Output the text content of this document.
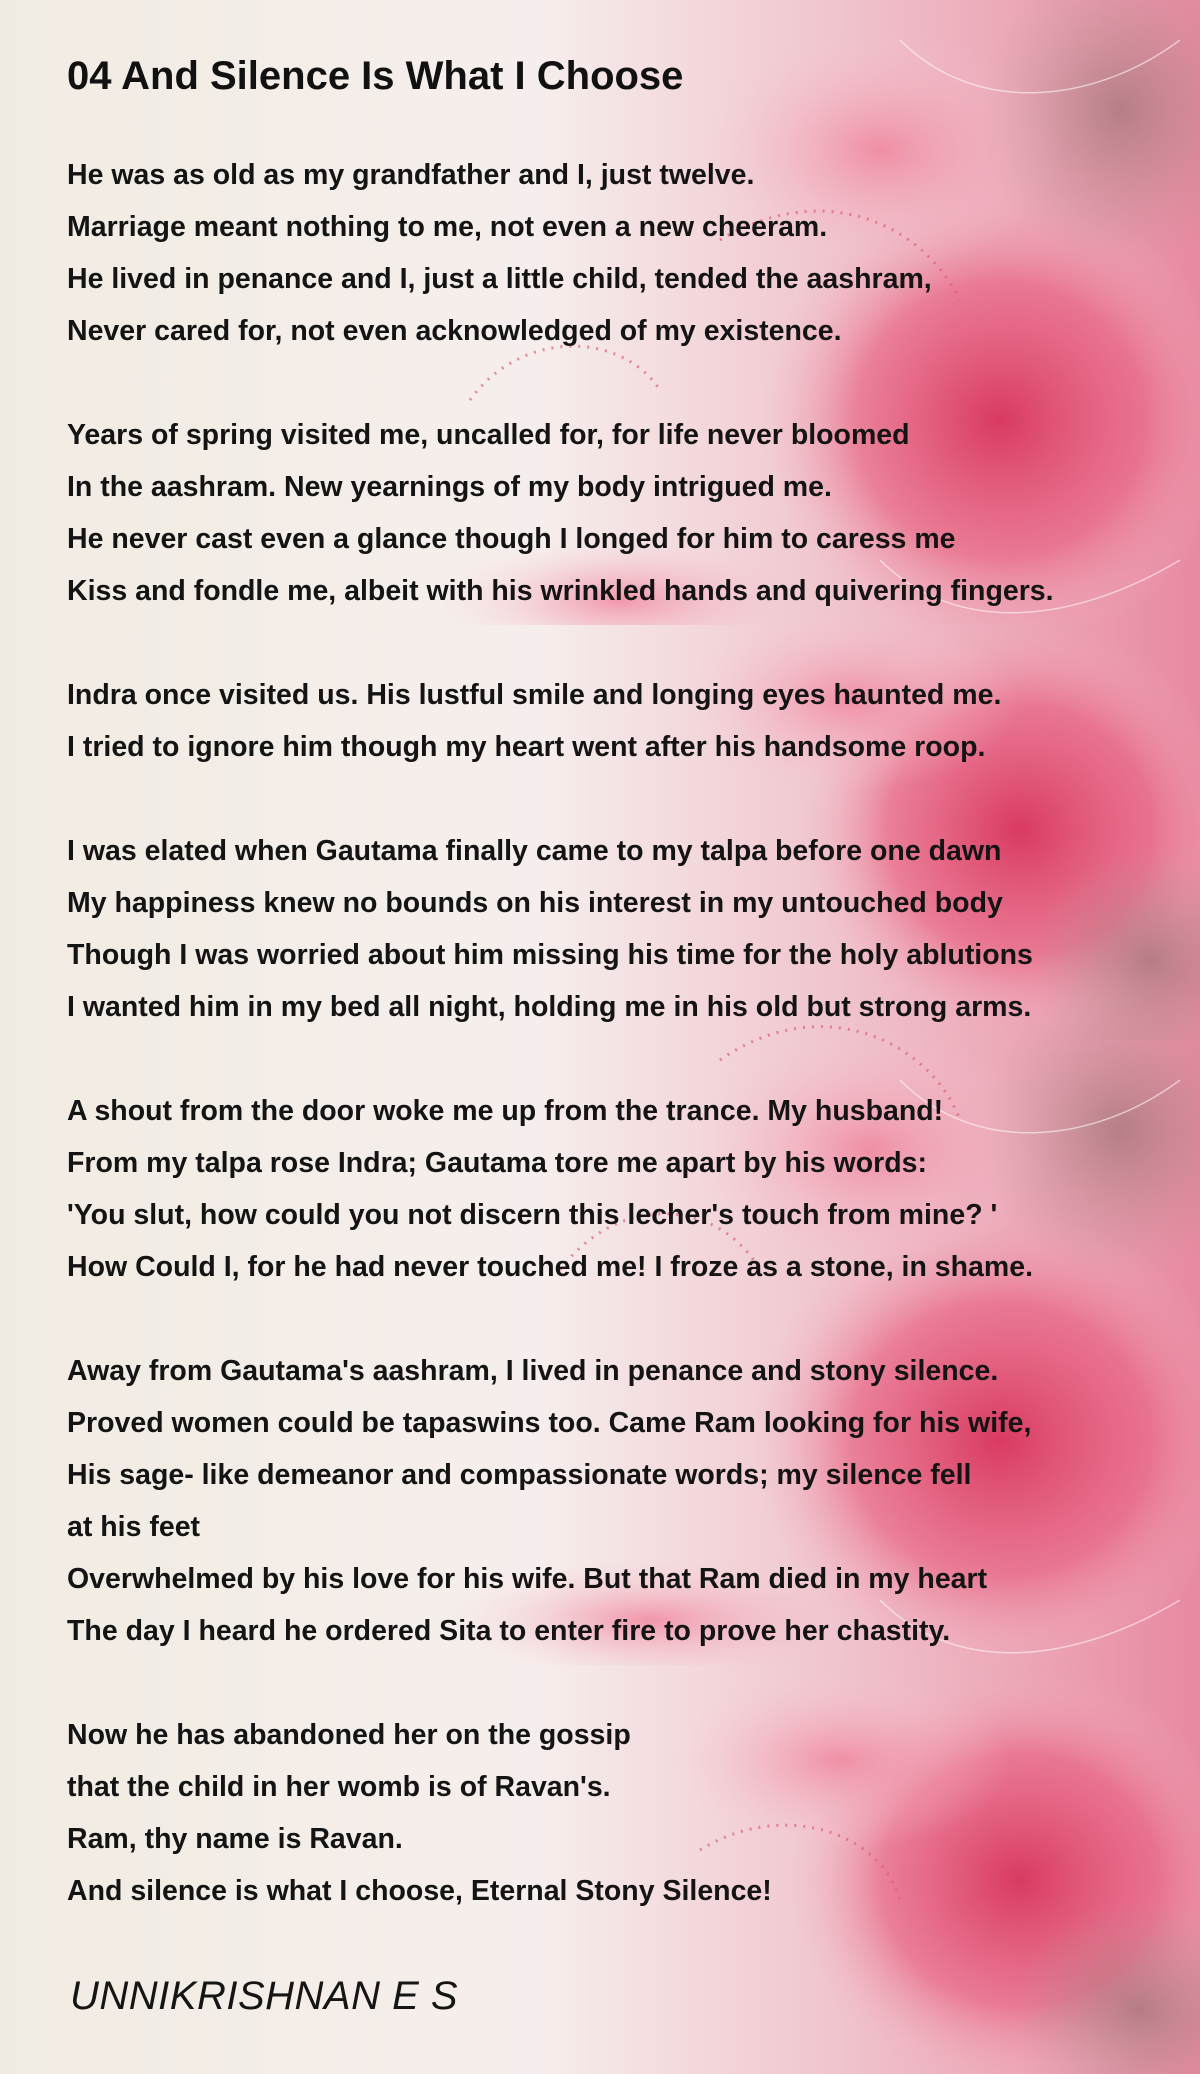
04 And Silence Is What I Choose
He was as old as my grandfather and I, just twelve.
Marriage meant nothing to me, not even a new cheeram.
He lived in penance and I, just a little child, tended the aashram,
Never cared for, not even acknowledged of my existence.
Years of spring visited me, uncalled for, for life never bloomed
In the aashram. New yearnings of my body intrigued me.
He never cast even a glance though I longed for him to caress me
Kiss and fondle me, albeit with his wrinkled hands and quivering fingers.
Indra once visited us. His lustful smile and longing eyes haunted me.
I tried to ignore him though my heart went after his handsome roop.
I was elated when Gautama finally came to my talpa before one dawn
My happiness knew no bounds on his interest in my untouched body
Though I was worried about him missing his time for the holy ablutions
I wanted him in my bed all night, holding me in his old but strong arms.
A shout from the door woke me up from the trance. My husband!
From my talpa rose Indra; Gautama tore me apart by his words:
'You slut, how could you not discern this lecher's touch from mine? '
How Could I, for he had never touched me! I froze as a stone, in shame.
Away from Gautama's aashram, I lived in penance and stony silence.
Proved women could be tapaswins too. Came Ram looking for his wife,
His sage- like demeanor and compassionate words; my silence fell
at his feet
Overwhelmed by his love for his wife. But that Ram died in my heart
The day I heard he ordered Sita to enter fire to prove her chastity.
Now he has abandoned her on the gossip
that the child in her womb is of Ravan's.
Ram, thy name is Ravan.
And silence is what I choose, Eternal Stony Silence!
UNNIKRISHNAN E S
